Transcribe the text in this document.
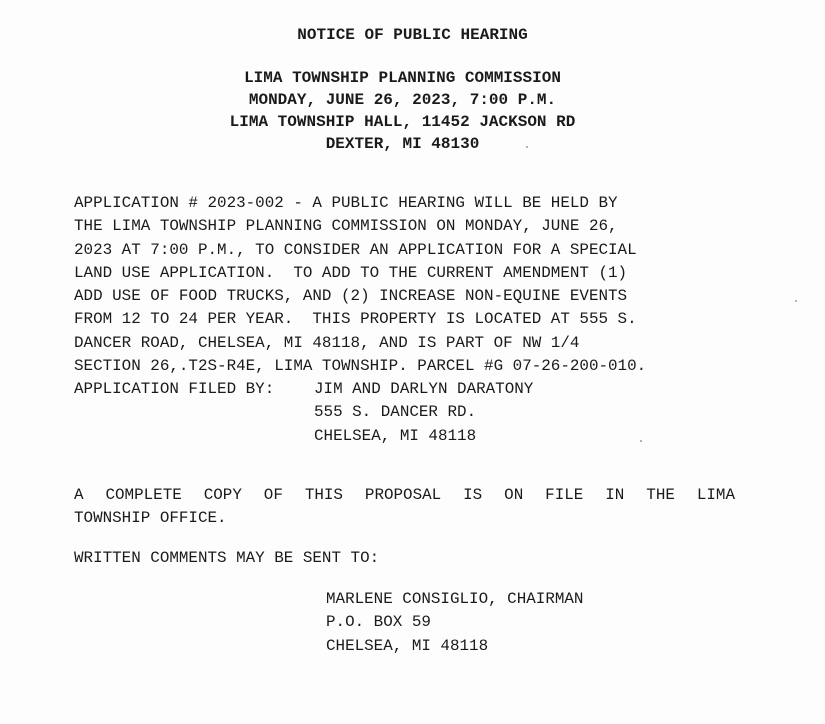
NOTICE OF PUBLIC HEARING
LIMA TOWNSHIP PLANNING COMMISSION
MONDAY, JUNE 26, 2023, 7:00 P.M.
LIMA TOWNSHIP HALL, 11452 JACKSON RD
DEXTER, MI 48130
APPLICATION # 2023-002 - A PUBLIC HEARING WILL BE HELD BY
THE LIMA TOWNSHIP PLANNING COMMISSION ON MONDAY, JUNE 26,
2023 AT 7:00 P.M., TO CONSIDER AN APPLICATION FOR A SPECIAL
LAND USE APPLICATION.  TO ADD TO THE CURRENT AMENDMENT (1)
ADD USE OF FOOD TRUCKS, AND (2) INCREASE NON-EQUINE EVENTS
FROM 12 TO 24 PER YEAR.  THIS PROPERTY IS LOCATED AT 555 S.
DANCER ROAD, CHELSEA, MI 48118, AND IS PART OF NW 1/4
SECTION 26,.T2S-R4E, LIMA TOWNSHIP. PARCEL #G 07-26-200-010.
APPLICATION FILED BY: JIM AND DARLYN DARATONY
555 S. DANCER RD.
CHELSEA, MI 48118
A COMPLETE COPY OF THIS PROPOSAL IS ON FILE IN THE LIMA
TOWNSHIP OFFICE.
WRITTEN COMMENTS MAY BE SENT TO:
MARLENE CONSIGLIO, CHAIRMAN
P.O. BOX 59
CHELSEA, MI 48118
